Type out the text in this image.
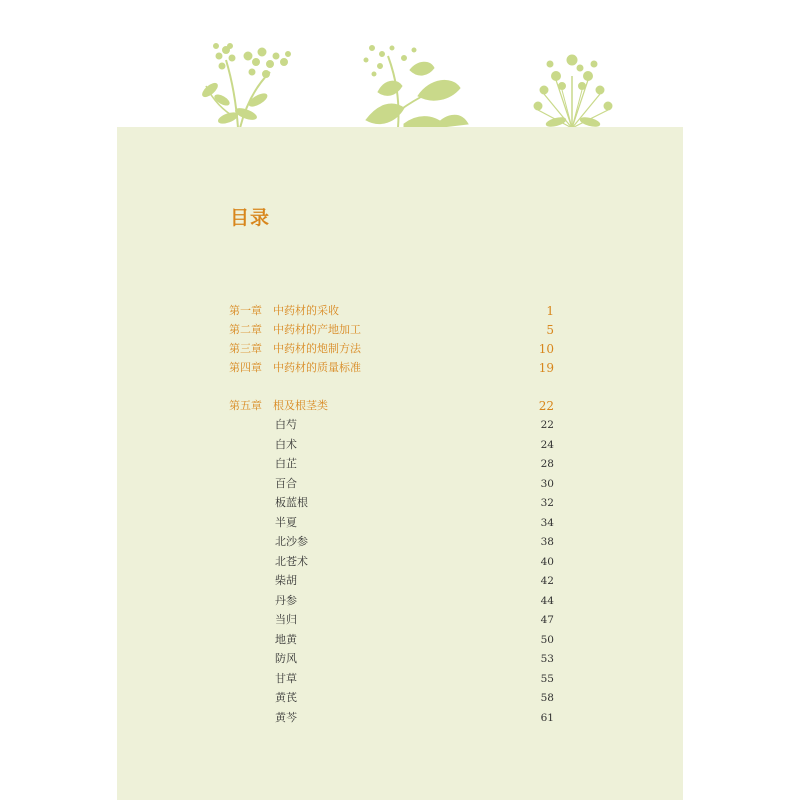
目录
第一章	中药材的采收	1
第二章	中药材的产地加工	5
第三章	中药材的炮制方法	10
第四章	中药材的质量标准	19
第五章	根及根茎类	22
白芍	22
白术	24
白芷	28
百合	30
板蓝根	32
半夏	34
北沙参	38
北苍术	40
柴胡	42
丹参	44
当归	47
地黄	50
防风	53
甘草	55
黄芪	58
黄芩	61
